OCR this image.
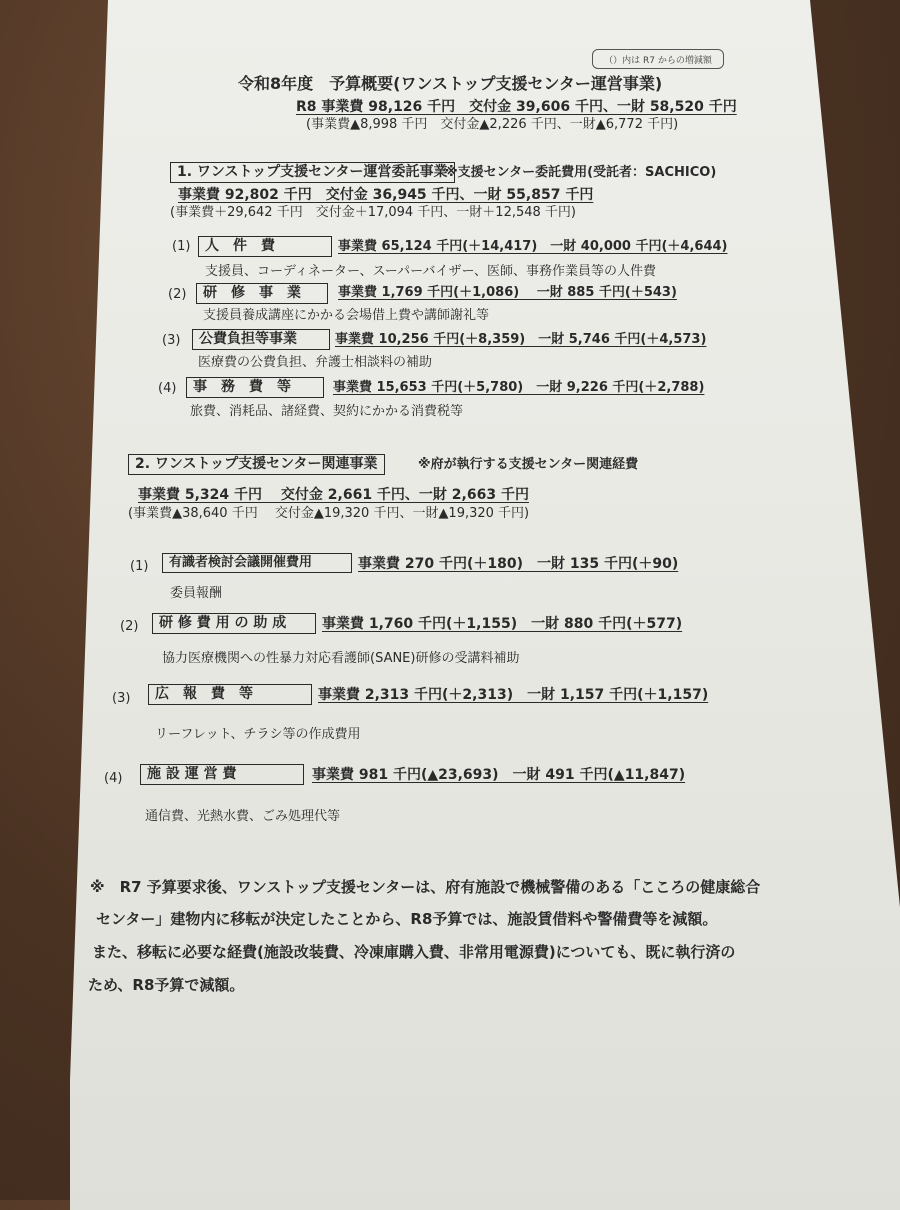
（）内は R7 からの増減額
令和8年度　予算概要(ワンストップ支援センター運営事業)
R8 事業費 98,126 千円　交付金 39,606 千円、一財 58,520 千円
(事業費▲8,998 千円　交付金▲2,226 千円、一財▲6,772 千円)
1. ワンストップ支援センター運営委託事業
※支援センター委託費用(受託者：SACHICO)
事業費 92,802 千円　交付金 36,945 千円、一財 55,857 千円
(事業費＋29,642 千円　交付金＋17,094 千円、一財＋12,548 千円)
(1)	人　件　費	事業費 65,124 千円(＋14,417)　一財 40,000 千円(＋4,644)
支援員、コーディネーター、スーパーバイザー、医師、事務作業員等の人件費
(2)	研　修　事　業	事業費 1,769 千円(＋1,086)　 一財 885 千円(＋543)
支援員養成講座にかかる会場借上費や講師謝礼等
(3)	公費負担等事業	事業費 10,256 千円(＋8,359)　一財 5,746 千円(＋4,573)
医療費の公費負担、弁護士相談料の補助
(4)	事　務　費　等	事業費 15,653 千円(＋5,780)　一財 9,226 千円(＋2,788)
旅費、消耗品、諸経費、契約にかかる消費税等
2. ワンストップ支援センター関連事業	※府が執行する支援センター関連経費
事業費 5,324 千円　 交付金 2,661 千円、一財 2,663 千円
(事業費▲38,640 千円　 交付金▲19,320 千円、一財▲19,320 千円)
(1)	有識者検討会議開催費用	事業費 270 千円(＋180)　一財 135 千円(＋90)
委員報酬
(2)	研 修 費 用 の 助 成	事業費 1,760 千円(＋1,155)　一財 880 千円(＋577)
協力医療機関への性暴力対応看護師(SANE)研修の受講料補助
(3)	広　報　費　等	事業費 2,313 千円(＋2,313)　一財 1,157 千円(＋1,157)
リーフレット、チラシ等の作成費用
(4)	施 設 運 営 費	事業費 981 千円(▲23,693)　一財 491 千円(▲11,847)
通信費、光熱水費、ごみ処理代等
※　R7 予算要求後、ワンストップ支援センターは、府有施設で機械警備のある「こころの健康総合
センター」建物内に移転が決定したことから、R8予算では、施設賃借料や警備費等を減額。
また、移転に必要な経費(施設改装費、冷凍庫購入費、非常用電源費)についても、既に執行済の
ため、R8予算で減額。
